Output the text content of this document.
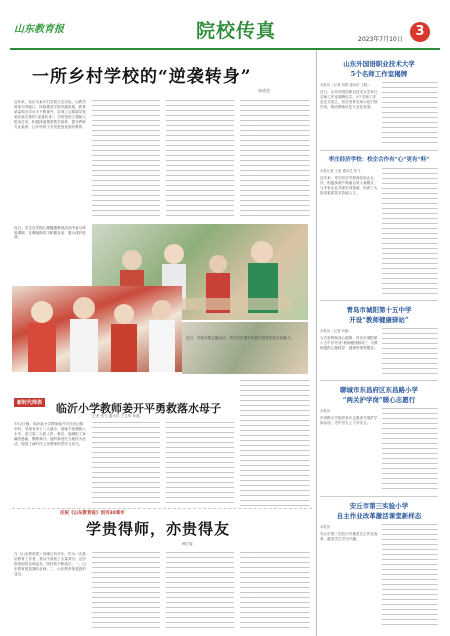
山东教育报	院校传真	2023年7月10日
3
一所乡村学校的“逆袭转身”
宋成良
近年来，临沂市某乡村学校立足实际，以教学改革为突破口，持续推进学校内涵发展，教育质量和办学水平不断提升，实现了从薄弱学校到区域名校的“逆袭转身”。学校坚持立德树人根本任务，积极探索课堂教学改革，提升教师专业素养，让乡村孩子享受更加优质的教育。
近日，学生在学校心理健康教育活动中参与体验课程，在教师指导下积极互动、展示成长收获。
近日，学校开展主题活动，学生们在课外实践中感受传统文化魅力。
新时代师表 临沂小学教师姜开平勇救落水母子
记者 张飞 通讯员 王文伟 孙磊
7月2日晚，临沂某小学教师姜开平在河边散步时，发现有母子二人落水，他毫不犹豫跳入水中，奋力将二人救上岸。事后，他婉拒了家属的感谢，默默离开。他的事迹在当地传为佳话，展现了新时代人民教师的责任与担当。
庆祝《山东教育报》创刊30周年
学贵得师，亦贵得友
韩万春
与《山东教育报》结缘已有多年，作为一名基层教育工作者，我从中汲取了大量养分。这份报纸如同良师益友，陪伴我不断成长。一、山东教育报是我的良师；二、山东教育报是我的益友。
山东外国语职业技术大学
5个名师工作室揭牌
本报讯（记者 刘燕 通讯员 王晓）
近日，山东外国语职业技术大学举行名师工作室揭牌仪式，5个名师工作室正式成立，旨在发挥名师示范引领作用，推动教师队伍专业化发展。
枣庄经济学校：校企合作有“心”更有“料”
本报记者 王原 通讯员 张飞
近年来，枣庄经济学校深化校企合作，积极探索产教融合育人新模式，与多家企业共建实训基地，培养了大批高素质技术技能人才。
青岛市城阳第十五中学
开设“教师健康驿站”
本报讯（记者 刘丽）
为关爱教师身心健康，青岛市城阳第十五中学开设“教师健康驿站”，为教师提供心理疏导、健康咨询等服务。
聊城市东昌府区东昌路小学
“两关护学岗”暖心志愿行
本报讯
东昌路小学组织家长志愿者开展护学岗活动，守护学生上下学安全。
安丘市第三实验小学
自主作业改革激活课堂新样态
本报讯
安丘市第三实验小学推进自主作业改革，激发学生学习兴趣。
